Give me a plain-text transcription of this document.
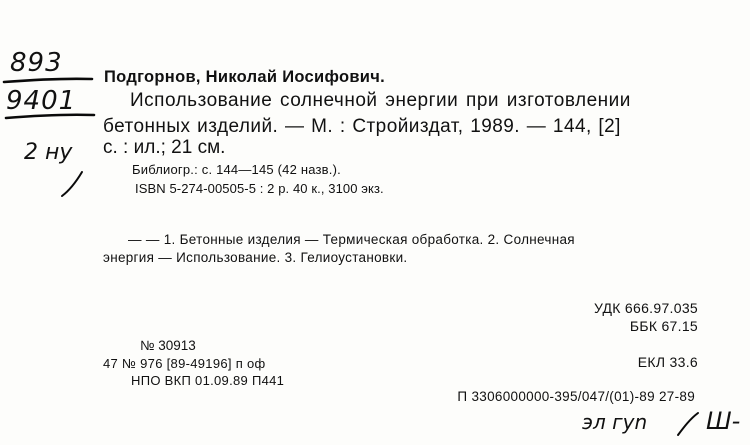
893
9401
2 ну
Подгорнов, Николай Иосифович.
Использование солнечной энергии при изготовлении
бетонных изделий. — М. : Стройиздат, 1989. — 144, [2]
с. : ил.; 21 см.
Библиогр.: с. 144—145 (42 назв.).
ISBN 5-274-00505-5 : 2 р. 40 к., 3100 экз.
— — 1. Бетонные изделия — Термическая обработка. 2. Солнечная
энергия — Использование. 3. Гелиоустановки.
УДК 666.97.035
ББК 67.15
ЕКЛ 33.6
П 3306000000-395/047/(01)-89 27-89
№ 30913
47 № 976 [89-49196] п оф
НПО ВКП 01.09.89 П441
эл гуn Ш-
